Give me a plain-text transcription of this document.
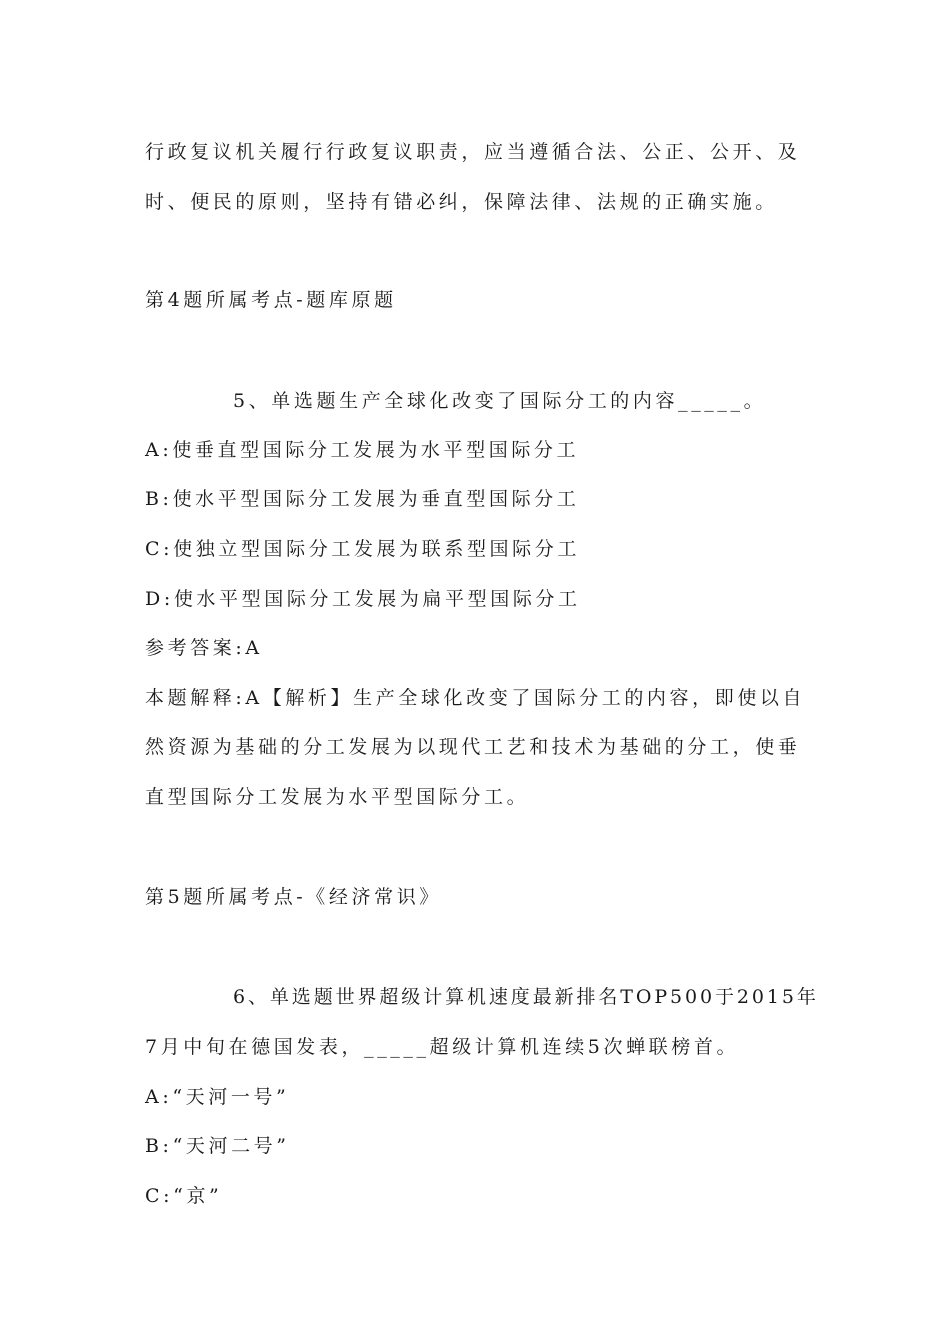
行政复议机关履行行政复议职责，应当遵循合法、公正、公开、及
时、便民的原则，坚持有错必纠，保障法律、法规的正确实施。
第4题所属考点-题库原题
5、单选题生产全球化改变了国际分工的内容_____。
A:使垂直型国际分工发展为水平型国际分工
B:使水平型国际分工发展为垂直型国际分工
C:使独立型国际分工发展为联系型国际分工
D:使水平型国际分工发展为扁平型国际分工
参考答案:A
本题解释:A【解析】生产全球化改变了国际分工的内容，即使以自
然资源为基础的分工发展为以现代工艺和技术为基础的分工，使垂
直型国际分工发展为水平型国际分工。
第5题所属考点-《经济常识》
6、单选题世界超级计算机速度最新排名TOP500于2015年
7月中旬在德国发表，_____超级计算机连续5次蝉联榜首。
A:“天河一号”
B:“天河二号”
C:“京”
